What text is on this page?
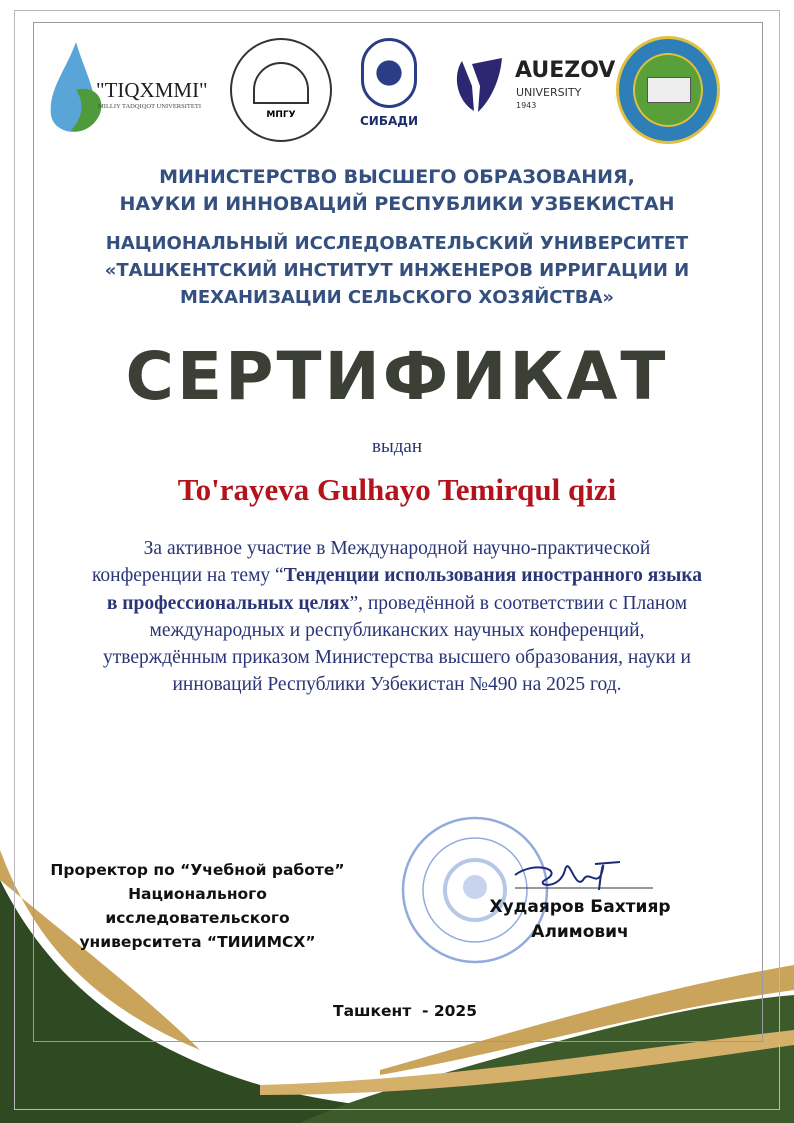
"TIQXMMI"
MILLIY TADQIQOT UNIVERSITETI
МПГУ	СИБАДИ
AUEZOV
UNIVERSITY
1943
МИНИСТЕРСТВО ВЫСШЕГО ОБРАЗОВАНИЯ,
НАУКИ И ИННОВАЦИЙ РЕСПУБЛИКИ УЗБЕКИСТАН
НАЦИОНАЛЬНЫЙ ИССЛЕДОВАТЕЛЬСКИЙ УНИВЕРСИТЕТ
«ТАШКЕНТСКИЙ ИНСТИТУТ ИНЖЕНЕРОВ ИРРИГАЦИИ И
МЕХАНИЗАЦИИ СЕЛЬСКОГО ХОЗЯЙСТВА»
СЕРТИФИКАТ
выдан
To'rayeva Gulhayo Temirqul qizi
За активное участие в Международной научно-практической конференции на тему “Тенденции использования иностранного языка в профессиональных целях”, проведённой в соответствии с Планом международных и республиканских научных конференций, утверждённым приказом Министерства высшего образования, науки и инноваций Республики Узбекистан №490 на 2025 год.
Проректор по “Учебной работе”
Национального
исследовательского
университета “ТИИИМСХ”
Худаяров Бахтияр
Алимович
Ташкент  - 2025
